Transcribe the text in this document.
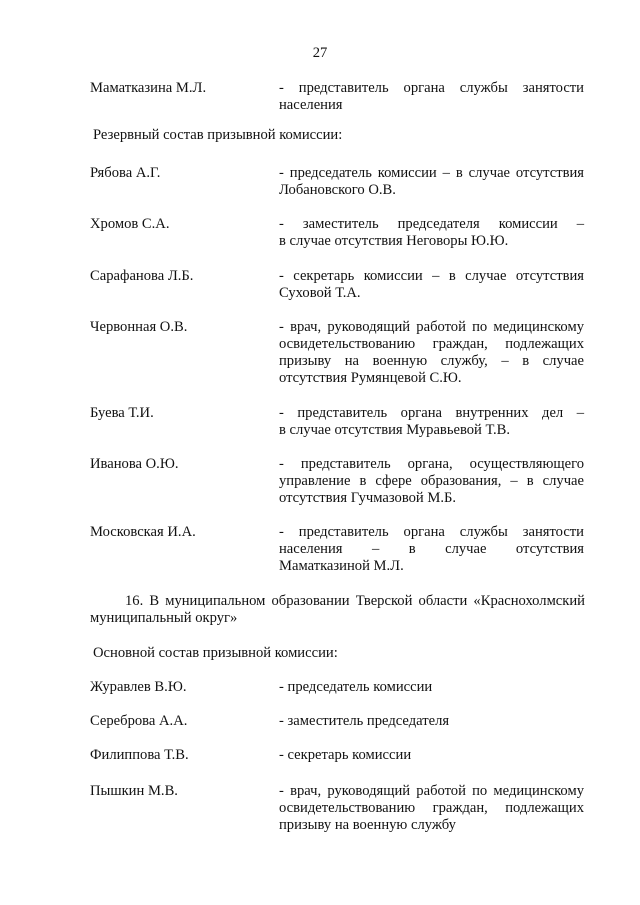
27
Маматказина М.Л.	- представитель органа службы занятости
населения
Резервный состав призывной комиссии:
Рябова А.Г.	- председатель комиссии – в случае отсутствия
Лобановского О.В.
Хромов С.А.	- заместитель председателя комиссии –
в случае отсутствия Неговоры Ю.Ю.
Сарафанова Л.Б.	- секретарь комиссии – в случае отсутствия
Суховой Т.А.
Червонная О.В.	- врач, руководящий работой по медицинскому
освидетельствованию граждан, подлежащих
призыву на военную службу, – в случае
отсутствия Румянцевой С.Ю.
Буева Т.И.	- представитель органа внутренних дел –
в случае отсутствия Муравьевой Т.В.
Иванова О.Ю.	- представитель органа, осуществляющего
управление в сфере образования, – в случае
отсутствия Гучмазовой М.Б.
Московская И.А.	- представитель органа службы занятости
населения – в случае отсутствия
Маматказиной М.Л.
16. В муниципальном образовании Тверской области «Краснохолмский
муниципальный округ»
Основной состав призывной комиссии:
Журавлев В.Ю.	- председатель комиссии
Сереброва А.А.	- заместитель председателя
Филиппова Т.В.	- секретарь комиссии
Пышкин М.В.	- врач, руководящий работой по медицинскому
освидетельствованию граждан, подлежащих
призыву на военную службу
